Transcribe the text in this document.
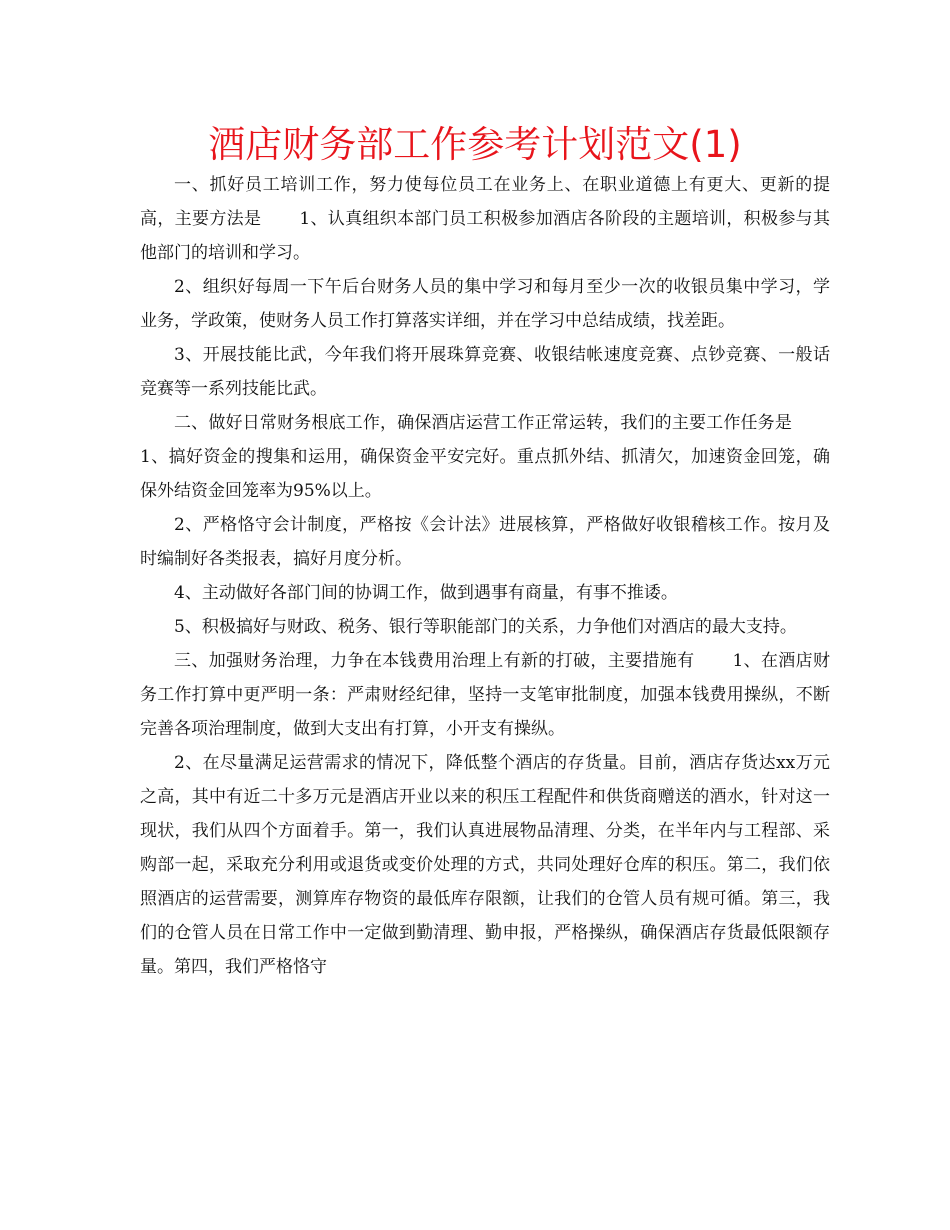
酒店财务部工作参考计划范文(1)

一、抓好员工培训工作，努力使每位员工在业务上、在职业道德上有更大、更新的提高，主要方法是 1、认真组织本部门员工积极参加酒店各阶段的主题培训，积极参与其他部门的培训和学习。

2、组织好每周一下午后台财务人员的集中学习和每月至少一次的收银员集中学习，学业务，学政策，使财务人员工作打算落实详细，并在学习中总结成绩，找差距。

3、开展技能比武，今年我们将开展珠算竞赛、收银结帐速度竞赛、点钞竞赛、一般话竞赛等一系列技能比武。

二、做好日常财务根底工作，确保酒店运营工作正常运转，我们的主要工作任务是1、搞好资金的搜集和运用，确保资金平安完好。重点抓外结、抓清欠，加速资金回笼，确保外结资金回笼率为95%以上。

2、严格恪守会计制度，严格按《会计法》进展核算，严格做好收银稽核工作。按月及时编制好各类报表，搞好月度分析。

4、主动做好各部门间的协调工作，做到遇事有商量，有事不推诿。

5、积极搞好与财政、税务、银行等职能部门的关系，力争他们对酒店的最大支持。

三、加强财务治理，力争在本钱费用治理上有新的打破，主要措施有 1、在酒店财务工作打算中更严明一条：严肃财经纪律，坚持一支笔审批制度，加强本钱费用操纵，不断完善各项治理制度，做到大支出有打算，小开支有操纵。

2、在尽量满足运营需求的情况下，降低整个酒店的存货量。目前，酒店存货达xx万元之高，其中有近二十多万元是酒店开业以来的积压工程配件和供货商赠送的酒水，针对这一现状，我们从四个方面着手。第一，我们认真进展物品清理、分类，在半年内与工程部、采购部一起，采取充分利用或退货或变价处理的方式，共同处理好仓库的积压。第二，我们依照酒店的运营需要，测算库存物资的最低库存限额，让我们的仓管人员有规可循。第三，我们的仓管人员在日常工作中一定做到勤清理、勤申报，严格操纵，确保酒店存货最低限额存量。第四，我们严格恪守
